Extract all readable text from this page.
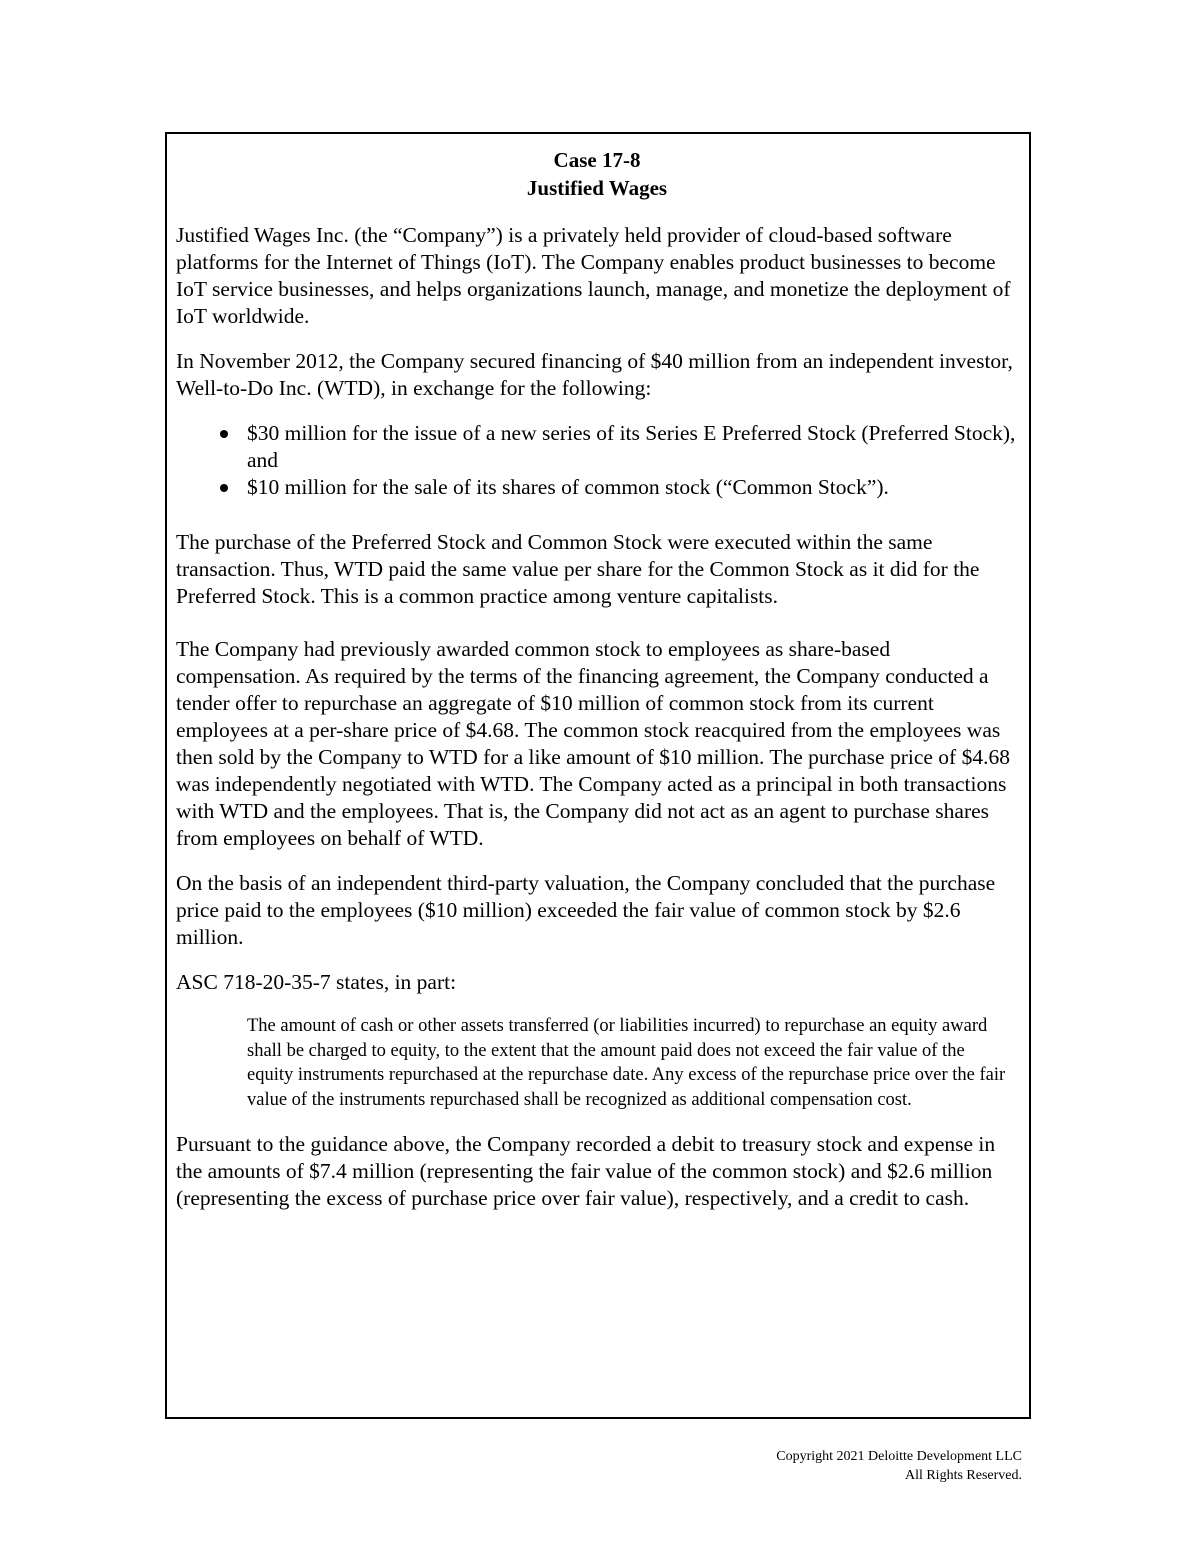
Case 17-8
Justified Wages

Justified Wages Inc. (the “Company”) is a privately held provider of cloud-based software platforms for the Internet of Things (IoT). The Company enables product businesses to become IoT service businesses, and helps organizations launch, manage, and monetize the deployment of IoT worldwide.

In November 2012, the Company secured financing of $40 million from an independent investor, Well-to-Do Inc. (WTD), in exchange for the following:

$30 million for the issue of a new series of its Series E Preferred Stock (Preferred Stock), and
$10 million for the sale of its shares of common stock (“Common Stock”).

The purchase of the Preferred Stock and Common Stock were executed within the same transaction. Thus, WTD paid the same value per share for the Common Stock as it did for the Preferred Stock. This is a common practice among venture capitalists.

The Company had previously awarded common stock to employees as share-based compensation. As required by the terms of the financing agreement, the Company conducted a tender offer to repurchase an aggregate of $10 million of common stock from its current employees at a per-share price of $4.68. The common stock reacquired from the employees was then sold by the Company to WTD for a like amount of $10 million. The purchase price of $4.68 was independently negotiated with WTD. The Company acted as a principal in both transactions with WTD and the employees. That is, the Company did not act as an agent to purchase shares from employees on behalf of WTD.

On the basis of an independent third-party valuation, the Company concluded that the purchase price paid to the employees ($10 million) exceeded the fair value of common stock by $2.6 million.

ASC 718-20-35-7 states, in part:

The amount of cash or other assets transferred (or liabilities incurred) to repurchase an equity award shall be charged to equity, to the extent that the amount paid does not exceed the fair value of the equity instruments repurchased at the repurchase date. Any excess of the repurchase price over the fair value of the instruments repurchased shall be recognized as additional compensation cost.

Pursuant to the guidance above, the Company recorded a debit to treasury stock and expense in the amounts of $7.4 million (representing the fair value of the common stock) and $2.6 million (representing the excess of purchase price over fair value), respectively, and a credit to cash.

Copyright 2021 Deloitte Development LLC
All Rights Reserved.
